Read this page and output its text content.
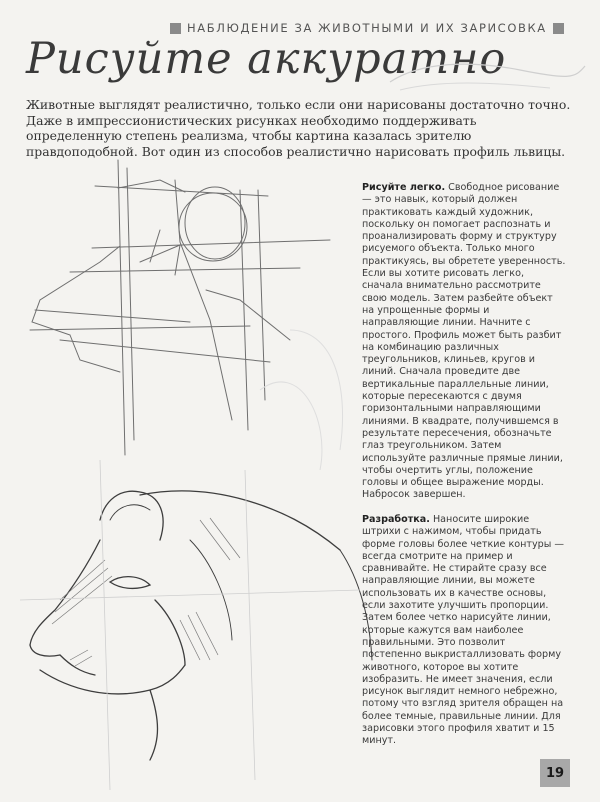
НАБЛЮДЕНИЕ ЗА ЖИВОТНЫМИ И ИХ ЗАРИСОВКА
Рисуйте аккуратно
Животные выглядят реалистично, только если они нарисованы достаточно точно. Даже в импрессионистических рисунках необходимо поддерживать определенную степень реализма, чтобы картина казалась зрителю правдоподобной. Вот один из способов реалистично нарисовать профиль львицы.
Рисуйте легко. Свободное рисование — это навык, который должен практиковать каждый художник, поскольку он помогает распознать и проанализировать форму и структуру рисуемого объекта. Только много практикуясь, вы обретете уверенность. Если вы хотите рисовать легко, сначала внимательно рассмотрите свою модель. Затем разбейте объект на упрощенные формы и направляющие линии. Начните с простого. Профиль может быть разбит на комбинацию различных треугольников, клиньев, кругов и линий. Сначала проведите две вертикальные параллельные линии, которые пересекаются с двумя горизонтальными направляющими линиями. В квадрате, получившемся в результате пересечения, обозначьте глаз треугольником. Затем используйте различные прямые линии, чтобы очертить углы, положение головы и общее выражение морды. Набросок завершен.
Разработка. Наносите широкие штрихи с нажимом, чтобы придать форме головы более четкие контуры — всегда смотрите на пример и сравнивайте. Не стирайте сразу все направляющие линии, вы можете использовать их в качестве основы, если захотите улучшить пропорции. Затем более четко нарисуйте линии, которые кажутся вам наиболее правильными. Это позволит постепенно выкристаллизовать форму животного, которое вы хотите изобразить. Не имеет значения, если рисунок выглядит немного небрежно, потому что взгляд зрителя обращен на более темные, правильные линии. Для зарисовки этого профиля хватит и 15 минут.
19
